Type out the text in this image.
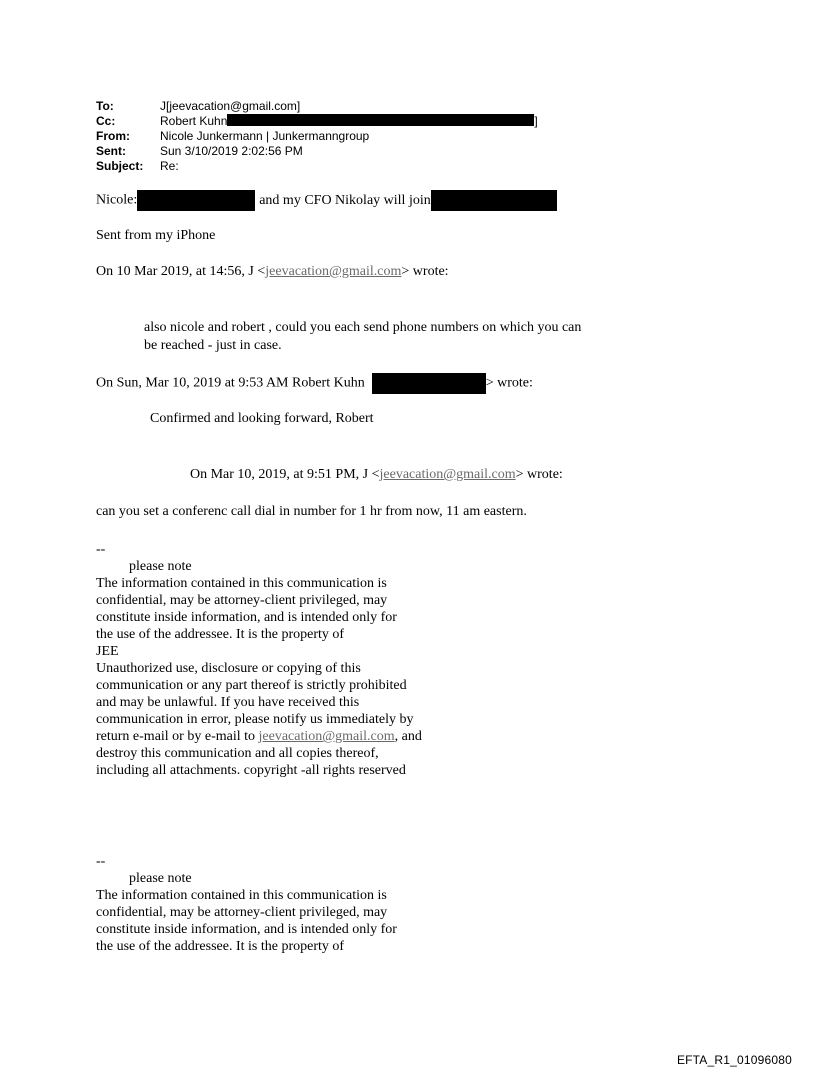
To:	J[jeevacation@gmail.com]
Cc:	Robert Kuhn	]
From:	Nicole Junkermann | Junkermanngroup
Sent:	Sun 3/10/2019 2:02:56 PM
Subject:	Re:
Nicole:	and my CFO Nikolay will join
Sent from my iPhone
On 10 Mar 2019, at 14:56, J <jeevacation@gmail.com> wrote:
also nicole and robert , could you each send phone numbers on which you can
be reached - just in case.
On Sun, Mar 10, 2019 at 9:53 AM Robert Kuhn	> wrote:
Confirmed and looking forward, Robert
On Mar 10, 2019, at 9:51 PM, J <jeevacation@gmail.com> wrote:
can you set a conferenc call dial in number for 1 hr from now, 11 am eastern.
--
please note
The information contained in this communication is
confidential, may be attorney-client privileged, may
constitute inside information, and is intended only for
the use of the addressee. It is the property of
JEE
Unauthorized use, disclosure or copying of this
communication or any part thereof is strictly prohibited
and may be unlawful. If you have received this
communication in error, please notify us immediately by
return e-mail or by e-mail to jeevacation@gmail.com, and
destroy this communication and all copies thereof,
including all attachments. copyright -all rights reserved
--
please note
The information contained in this communication is
confidential, may be attorney-client privileged, may
constitute inside information, and is intended only for
the use of the addressee. It is the property of
EFTA_R1_01096080
